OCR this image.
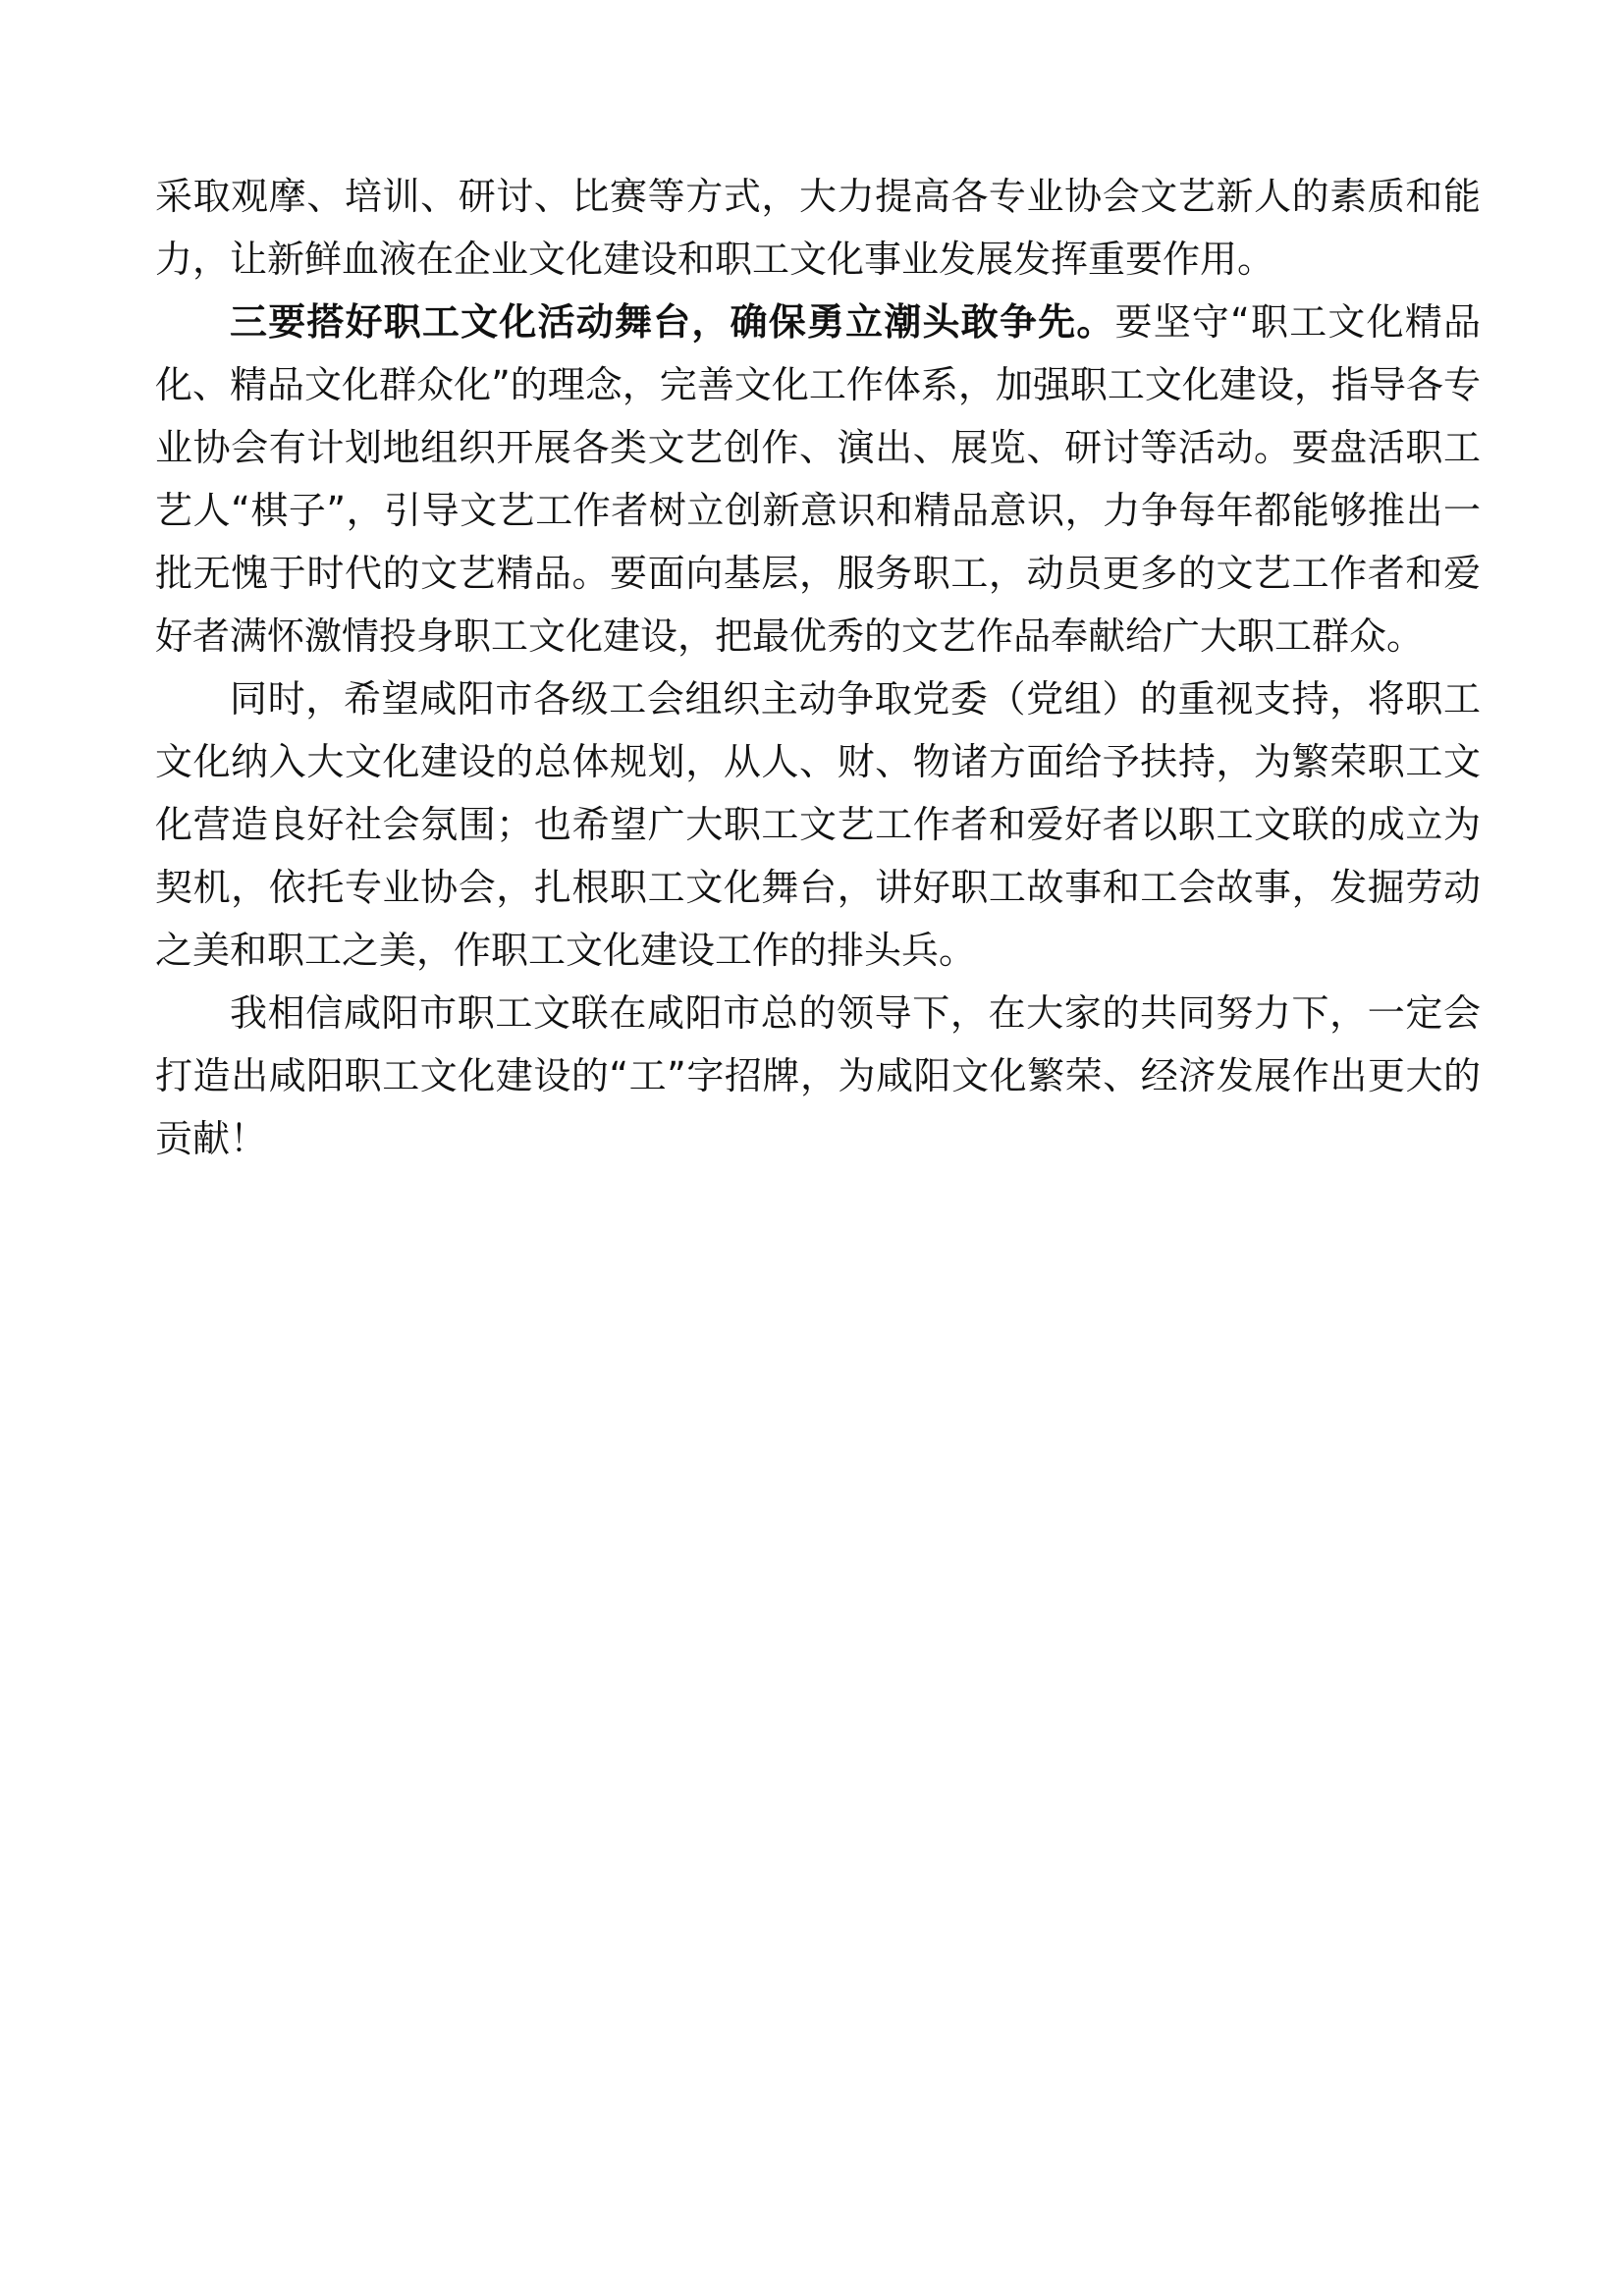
采取观摩、培训、研讨、比赛等方式，大力提高各专业协会文艺新人的素质和能力，让新鲜血液在企业文化建设和职工文化事业发展发挥重要作用。

三要搭好职工文化活动舞台，确保勇立潮头敢争先。要坚守“职工文化精品化、精品文化群众化”的理念，完善文化工作体系，加强职工文化建设，指导各专业协会有计划地组织开展各类文艺创作、演出、展览、研讨等活动。要盘活职工艺人“棋子”，引导文艺工作者树立创新意识和精品意识，力争每年都能够推出一批无愧于时代的文艺精品。要面向基层，服务职工，动员更多的文艺工作者和爱好者满怀激情投身职工文化建设，把最优秀的文艺作品奉献给广大职工群众。

同时，希望咸阳市各级工会组织主动争取党委（党组）的重视支持，将职工文化纳入大文化建设的总体规划，从人、财、物诸方面给予扶持，为繁荣职工文化营造良好社会氛围；也希望广大职工文艺工作者和爱好者以职工文联的成立为契机，依托专业协会，扎根职工文化舞台，讲好职工故事和工会故事，发掘劳动之美和职工之美，作职工文化建设工作的排头兵。

我相信咸阳市职工文联在咸阳市总的领导下，在大家的共同努力下，一定会打造出咸阳职工文化建设的“工”字招牌，为咸阳文化繁荣、经济发展作出更大的贡献！
